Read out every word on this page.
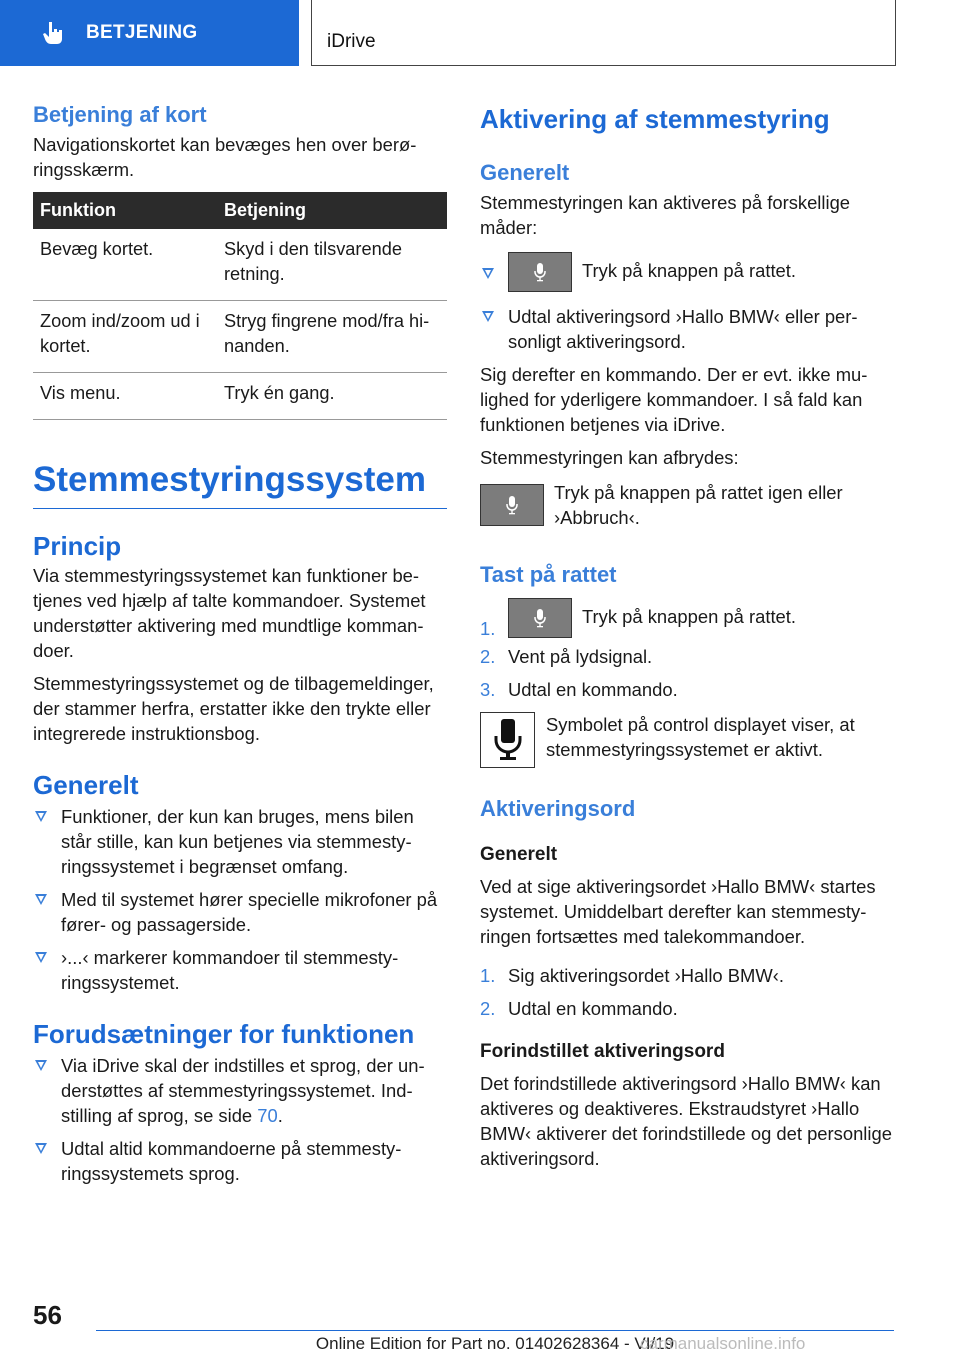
BETJENING	iDrive
Betjening af kort

Navigationskortet kan bevæges hen over berøringsskærm.

Funktion	Betjening
Bevæg kortet.	Skyd i den tilsvarende retning.
Zoom ind/zoom ud i kortet.	Stryg fingrene mod/fra hinanden.
Vis menu.	Tryk én gang.
Stemmestyringssystem
Princip

Via stemmestyringssystemet kan funktioner betjenes ved hjælp af talte kommandoer. Systemet understøtter aktivering med mundtlige kommandoer.

Stemmestyringssystemet og de tilbagemeldinger, der stammer herfra, erstatter ikke den trykte eller integrerede instruktionsbog.

Generelt
Funktioner, der kun kan bruges, mens bilen står stille, kan kun betjenes via stemmestyringssystemet i begrænset omfang.
Med til systemet hører specielle mikrofoner på fører- og passagerside.
›...‹ markerer kommandoer til stemmestyringssystemet.
Forudsætninger for funktionen
Via iDrive skal der indstilles et sprog, der understøttes af stemmestyringssystemet. Indstilling af sprog, se side 70.
Udtal altid kommandoerne på stemmestyringssystemets sprog.
Aktivering af stemmestyring
Generelt

Stemmestyringen kan aktiveres på forskellige måder:

Tryk på knappen på rattet.
Udtal aktiveringsord ›Hallo BMW‹ eller personligt aktiveringsord.

Sig derefter en kommando. Der er evt. ikke mulighed for yderligere kommandoer. I så fald kan funktionen betjenes via iDrive.

Stemmestyringen kan afbrydes:

Tryk på knappen på rattet igen eller ›Abbruch‹.

Tast på rattet
1.
Tryk på knappen på rattet.
2. Vent på lydsignal.
3. Udtal en kommando.

Symbolet på control displayet viser, at stemmestyringssystemet er aktivt.

Aktiveringsord
Generelt

Ved at sige aktiveringsordet ›Hallo BMW‹ startes systemet. Umiddelbart derefter kan stemmestyringen fortsættes med talekommandoer.

1. Sig aktiveringsordet ›Hallo BMW‹.
2. Udtal en kommando.
Forindstillet aktiveringsord

Det forindstillede aktiveringsord ›Hallo BMW‹ kan aktiveres og deaktiveres. Ekstraudstyret ›Hallo BMW‹ aktiverer det forindstillede og det personlige aktiveringsord.

56
Online Edition for Part no. 01402628364 - VI/19
carmanualsonline.info
